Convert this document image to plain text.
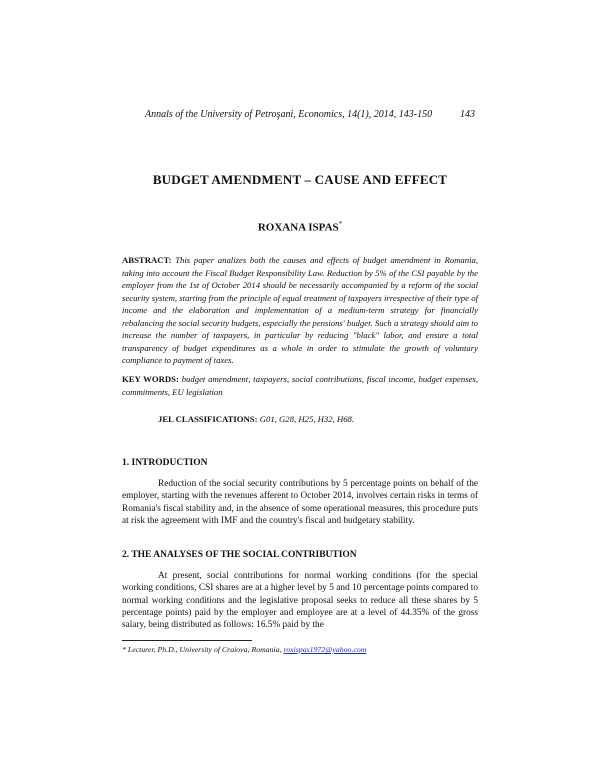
Annals of the University of Petroşani, Economics, 14(1), 2014, 143-150	143
BUDGET AMENDMENT – CAUSE AND EFFECT
ROXANA ISPAS*
ABSTRACT: This paper analizes both the causes and effects of budget amendment in Romania, taking into account the Fiscal Budget Responsibility Law. Reduction by 5% of the CSI payable by the employer from the 1st of October 2014 should be necessarily accompanied by a reform of the social security system, starting from the principle of equal treatment of taxpayers irrespective of their type of income and the elaboration and implementation of a medium-term strategy for financially rebalancing the social security budgets, especially the pensions' budget. Such a strategy should aim to increase the number of taxpayers, in particular by reducing "black" labor, and ensure a total transparency of budget expenditures as a whole in order to stimulate the growth of voluntary compliance to payment of taxes.
KEY WORDS: budget amendment, taxpayers, social contributions, fiscal income, budget expenses, commitments, EU legislation
JEL CLASSIFICATIONS: G01, G28, H25, H32, H68.
1. INTRODUCTION
Reduction of the social security contributions by 5 percentage points on behalf of the employer, starting with the revenues afferent to October 2014, involves certain risks in terms of Romania's fiscal stability and, in the absence of some operational measures, this procedure puts at risk the agreement with IMF and the country's fiscal and budgetary stability.
2. THE ANALYSES OF THE SOCIAL CONTRIBUTION
At present, social contributions for normal working conditions (for the special working conditions, CSI shares are at a higher level by 5 and 10 percentage points compared to normal working conditions and the legislative proposal seeks to reduce all these shares by 5 percentage points) paid by the employer and employee are at a level of 44.35% of the gross salary, being distributed as follows: 16.5% paid by the
* Lecturer, Ph.D., University of Craiova, Romania, roxispas1972@yahoo.com
